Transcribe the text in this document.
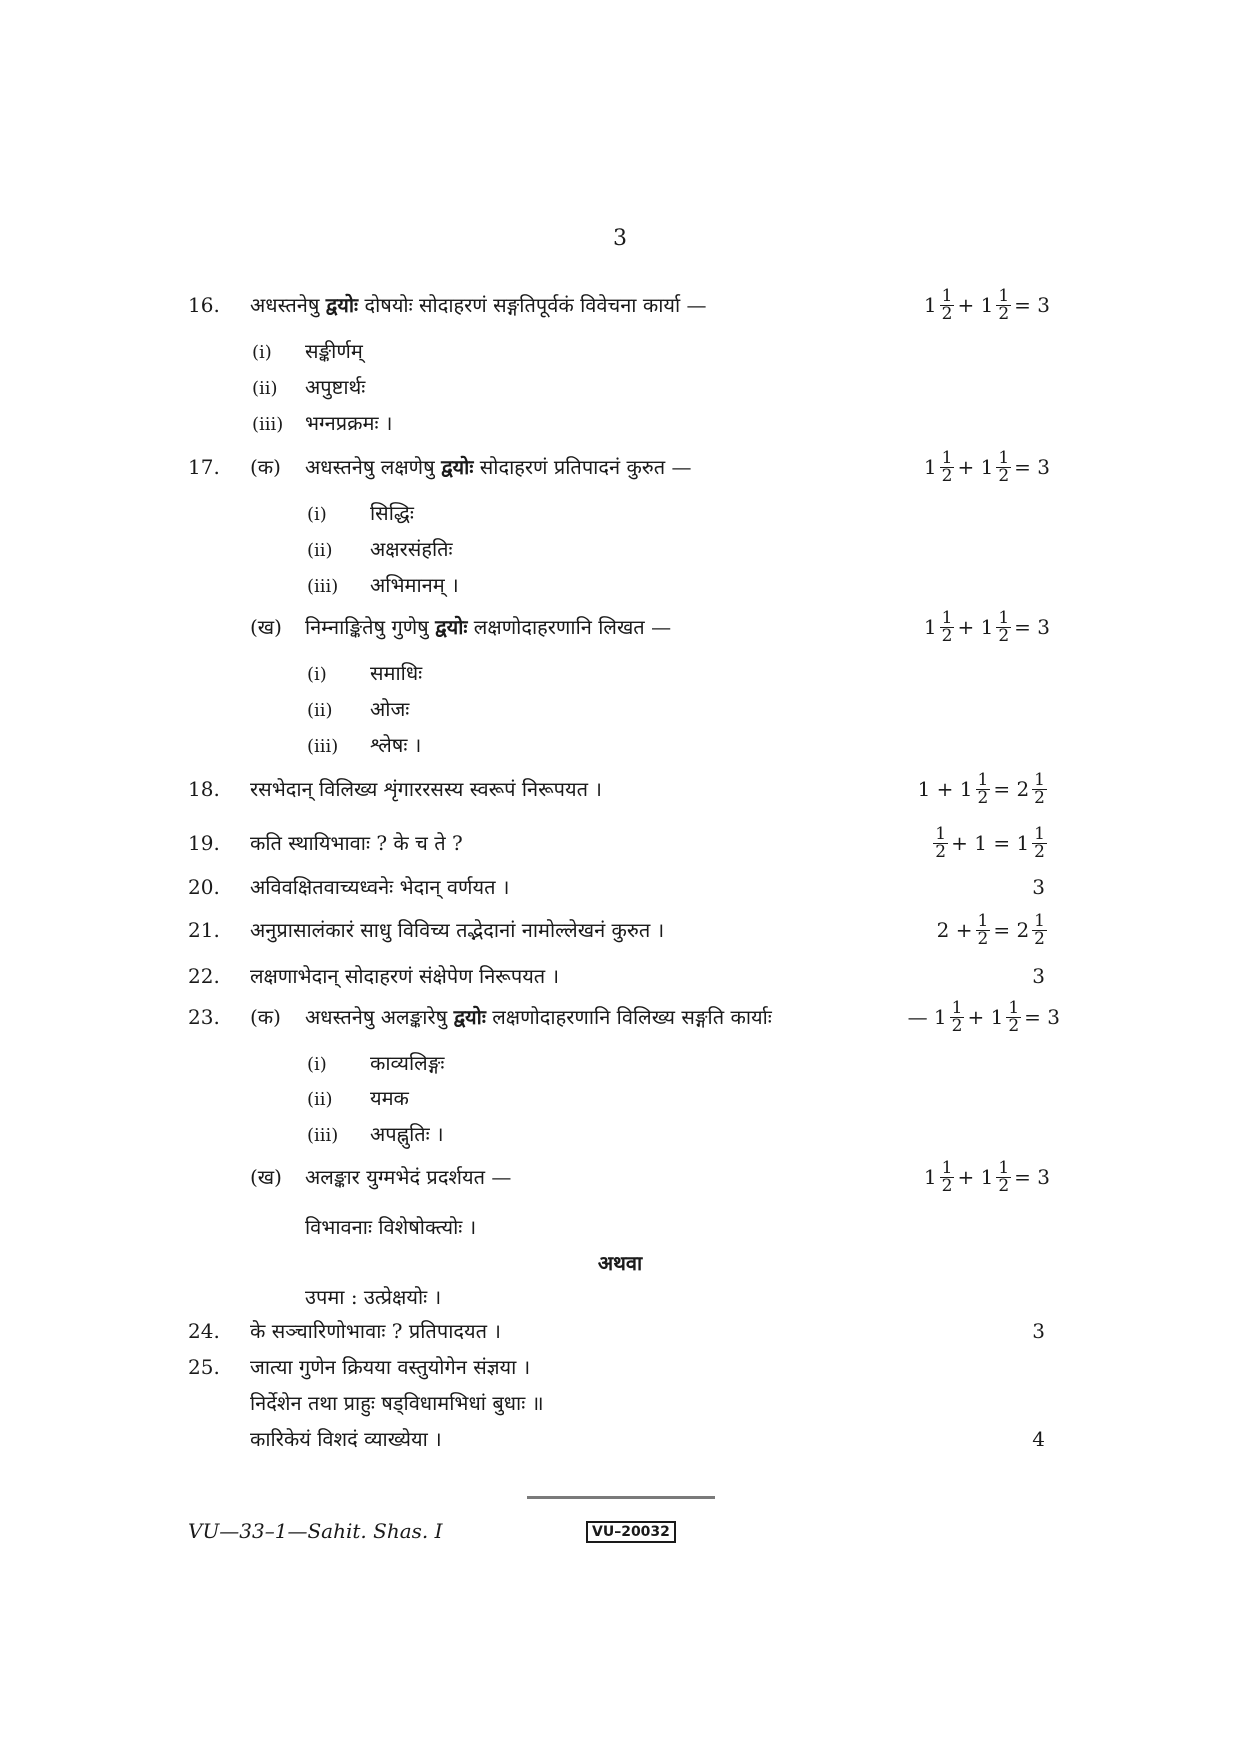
3
16. अधस्तनेषु द्वयोः दोषयोः सोदाहरणं सङ्गतिपूर्वकं विवेचना कार्या —	$1 \frac{1}{2} + 1 \frac{1}{2} = 3$
(i) सङ्कीर्णम्
(ii) अपुष्टार्थः
(iii) भग्नप्रक्रमः ।
17. (क) अधस्तनेषु लक्षणेषु द्वयोः सोदाहरणं प्रतिपादनं कुरुत —	$1 \frac{1}{2} + 1 \frac{1}{2} = 3$
(i) सिद्धिः
(ii) अक्षरसंहतिः
(iii) अभिमानम् ।
(ख) निम्नाङ्कितेषु गुणेषु द्वयोः लक्षणोदाहरणानि लिखत —	$1 \frac{1}{2} + 1 \frac{1}{2} = 3$
(i) समाधिः
(ii) ओजः
(iii) श्लेषः ।
18. रसभेदान् विलिख्य शृंगाररसस्य स्वरूपं निरूपयत ।	$1 + 1 \frac{1}{2} = 2 \frac{1}{2}$
19. कति स्थायिभावाः ? के च ते ?	$\frac{1}{2} + 1 = 1 \frac{1}{2}$
20. अविवक्षितवाच्यध्वनेः भेदान् वर्णयत ।	3
21. अनुप्रासालंकारं साधु विविच्य तद्भेदानां नामोल्लेखनं कुरुत ।	$2 + \frac{1}{2} = 2 \frac{1}{2}$
22. लक्षणाभेदान् सोदाहरणं संक्षेपेण निरूपयत ।	3
23. (क) अधस्तनेषु अलङ्कारेषु द्वयोः लक्षणोदाहरणानि विलिख्य सङ्गति कार्याः	— $1 \frac{1}{2} + 1 \frac{1}{2} = 3$
(i) काव्यलिङ्गः
(ii) यमक
(iii) अपह्नुतिः ।
(ख) अलङ्कार युग्मभेदं प्रदर्शयत —	$1 \frac{1}{2} + 1 \frac{1}{2} = 3$
विभावनाः विशेषोक्त्योः ।
अथवा
उपमा : उत्प्रेक्षयोः ।
24. के सञ्चारिणोभावाः ? प्रतिपादयत ।	3
25. जात्या गुणेन क्रियया वस्तुयोगेन संज्ञया ।
निर्देशेन तथा प्राहुः षड्विधामभिधां बुधाः ॥
कारिकेयं विशदं व्याख्येया ।	4
VU—33–1—Sahit. Shas. I	VU–20032
